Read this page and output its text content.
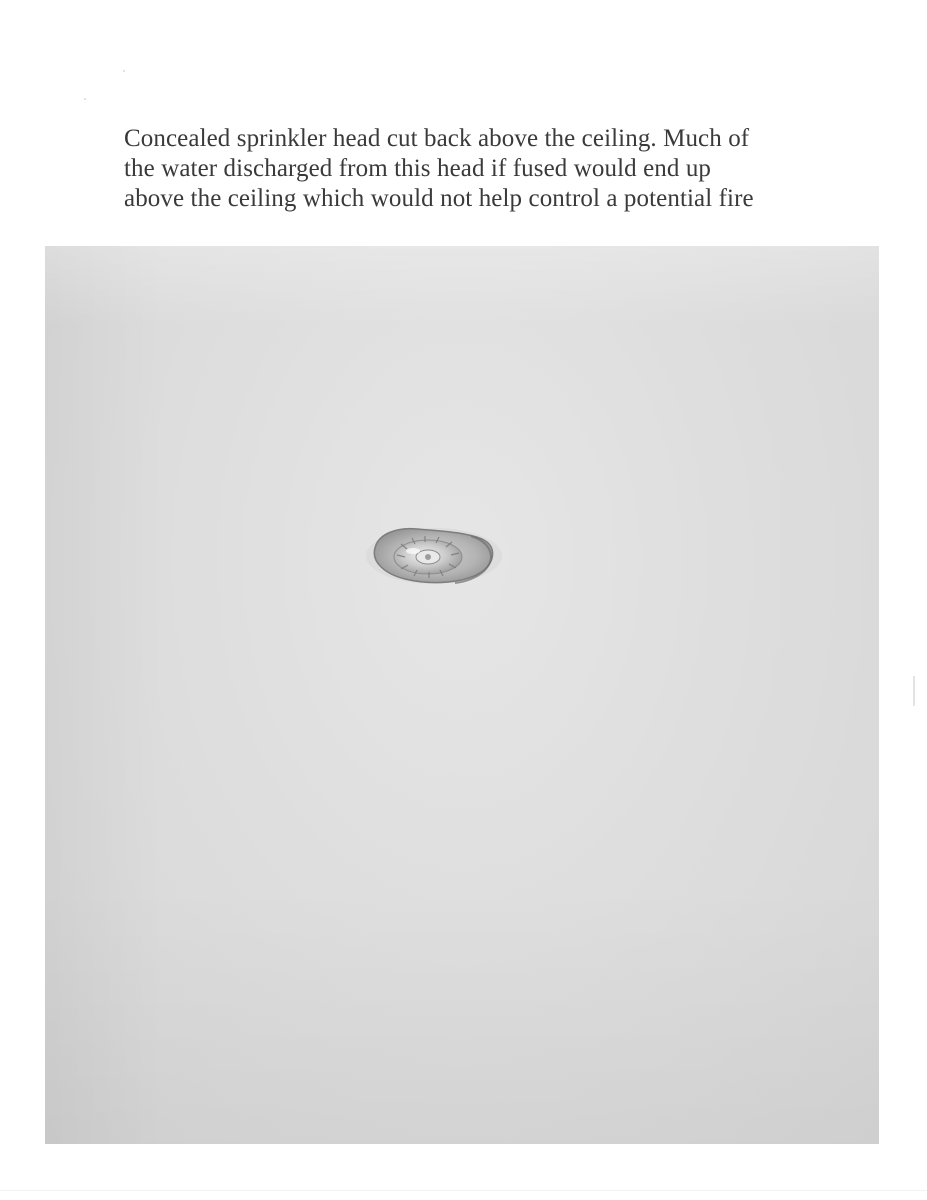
Concealed sprinkler head cut back above the ceiling. Much of
the water discharged from this head if fused would end up
above the ceiling which would not help control a potential fire
